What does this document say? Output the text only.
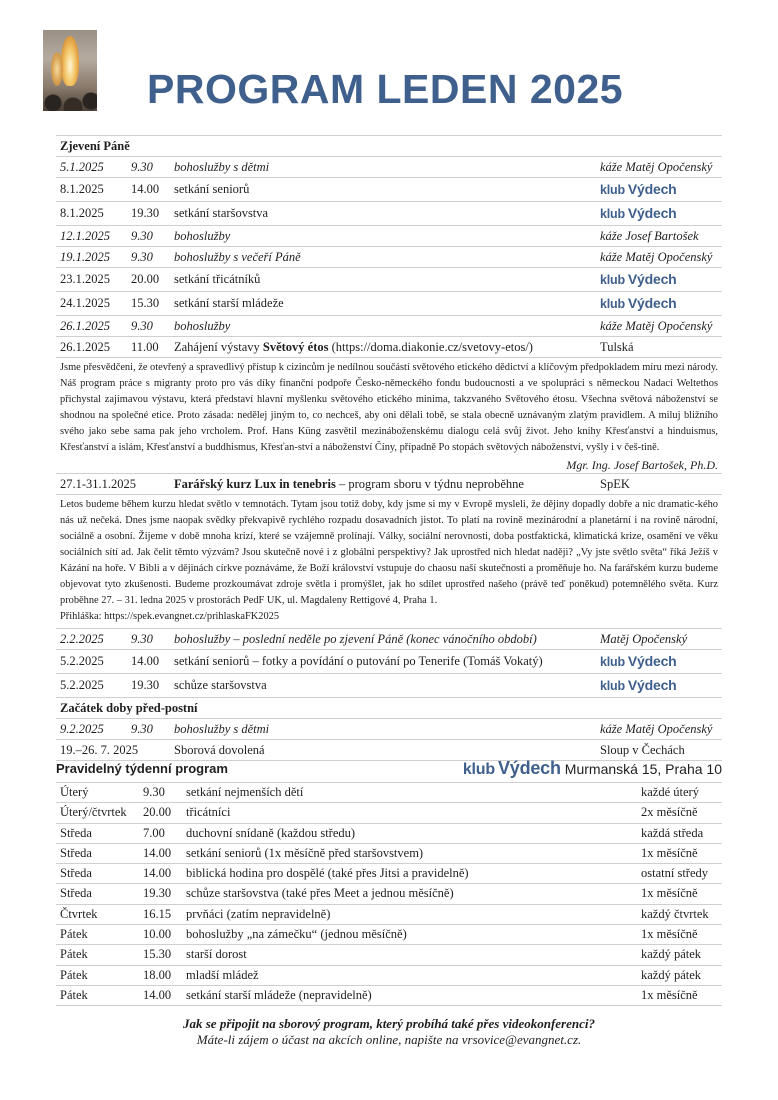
PROGRAM LEDEN 2025
Zjevení Páně
5.1.2025 9.30 bohoslužby s dětmi	káže Matěj Opočenský
8.1.2025 14.00 setkání seniorů	klub Výdech
8.1.2025 19.30 setkání staršovstva	klub Výdech
12.1.2025 9.30 bohoslužby	káže Josef Bartošek
19.1.2025 9.30 bohoslužby s večeří Páně	káže Matěj Opočenský
23.1.2025 20.00 setkání třicátníků	klub Výdech
24.1.2025 15.30 setkání starší mládeže	klub Výdech
26.1.2025 9.30 bohoslužby	káže Matěj Opočenský
26.1.2025 11.00 Zahájení výstavy Světový étos (https://doma.diakonie.cz/svetovy-etos/)	Tulská
Jsme přesvědčeni, že otevřený a spravedlivý přístup k cizincům je nedílnou součástí světového etického dědictví a klíčovým předpokladem míru mezi národy. Náš program práce s migranty proto pro vás díky finanční podpoře Česko-německého fondu budoucnosti a ve spolupráci s německou Nadací Weltethos přichystal zajímavou výstavu, která představí hlavní myšlenku světového etického minima, takzvaného Světového étosu. Všechna světová náboženství se shodnou na společné etice. Proto zásada: nedělej jiným to, co nechceš, aby oni dělali tobě, se stala obecně uznávaným zlatým pravidlem. A miluj bližního svého jako sebe sama pak jeho vrcholem. Prof. Hans Küng zasvětil mezináboženskému dialogu celá svůj život. Jeho knihy Křesťanství a hinduismus, Křesťanství a islám, Křesťanství a buddhismus, Křesťan-ství a náboženství Číny, případně Po stopách světových náboženství, vyšly i v češ-tině.
Mgr. Ing. Josef Bartošek, Ph.D.
27.1-31.1.2025	Farářský kurz Lux in tenebris – program sboru v týdnu neproběhne	SpEK
Letos budeme během kurzu hledat světlo v temnotách. Tytam jsou totiž doby, kdy jsme si my v Evropě mysleli, že dějiny dopadly dobře a nic dramatic-kého nás už nečeká. Dnes jsme naopak svědky překvapivě rychlého rozpadu dosavadních jistot. To platí na rovině mezinárodní a planetární i na rovině národní, sociálně a osobní. Žijeme v době mnoha krizí, které se vzájemně prolínají. Války, sociální nerovnosti, doba postfaktická, klimatická krize, osamění ve věku sociálních sítí ad. Jak čelit těmto výzvám? Jsou skutečně nové i z globální perspektivy? Jak uprostřed nich hledat naději? „Vy jste světlo světa“ říká Ježíš v Kázání na hoře. V Bibli a v dějinách církve poznáváme, že Boží království vstupuje do chaosu naší skutečnosti a proměňuje ho. Na farářském kurzu budeme objevovat tyto zkušenosti. Budeme prozkoumávat zdroje světla i promýšlet, jak ho sdílet uprostřed našeho (právě teď poněkud) potemnělého světa. Kurz proběhne 27. – 31. ledna 2025 v prostorách PedF UK, ul. Magdaleny Rettigové 4, Praha 1.
Přihláška: https://spek.evangnet.cz/prihlaskaFK2025
2.2.2025 9.30 bohoslužby – poslední neděle po zjevení Páně (konec vánočního období)	Matěj Opočenský
5.2.2025 14.00 setkání seniorů – fotky a povídání o putování po Tenerife (Tomáš Vokatý)	klub Výdech
5.2.2025 19.30 schůze staršovstva	klub Výdech
Začátek doby před-postní
9.2.2025 9.30 bohoslužby s dětmi	káže Matěj Opočenský
19.–26. 7. 2025	Sborová dovolená	Sloup v Čechách
Pravidelný týdenní program	klub Výdech Murmanská 15, Praha 10
Úterý	9.30 setkání nejmenších dětí	každé úterý
Úterý/čtvrtek 20.00 třicátníci	2x měsíčně
Středa	7.00 duchovní snídaně (každou středu)	každá středa
Středa	14.00 setkání seniorů (1x měsíčně před staršovstvem)	1x měsíčně
Středa	14.00 biblická hodina pro dospělé (také přes Jitsi a pravidelně)	ostatní středy
Středa	19.30 schůze staršovstva (také přes Meet a jednou měsíčně)	1x měsíčně
Čtvrtek	16.15 prvňáci (zatím nepravidelně)	každý čtvrtek
Pátek	10.00 bohoslužby „na zámečku“ (jednou měsíčně)	1x měsíčně
Pátek	15.30 starší dorost	každý pátek
Pátek	18.00 mladší mládež	každý pátek
Pátek	14.00 setkání starší mládeže (nepravidelně)	1x měsíčně
Jak se připojit na sborový program, který probíhá také přes videokonferenci?
Máte-li zájem o účast na akcích online, napište na vrsovice@evangnet.cz.
